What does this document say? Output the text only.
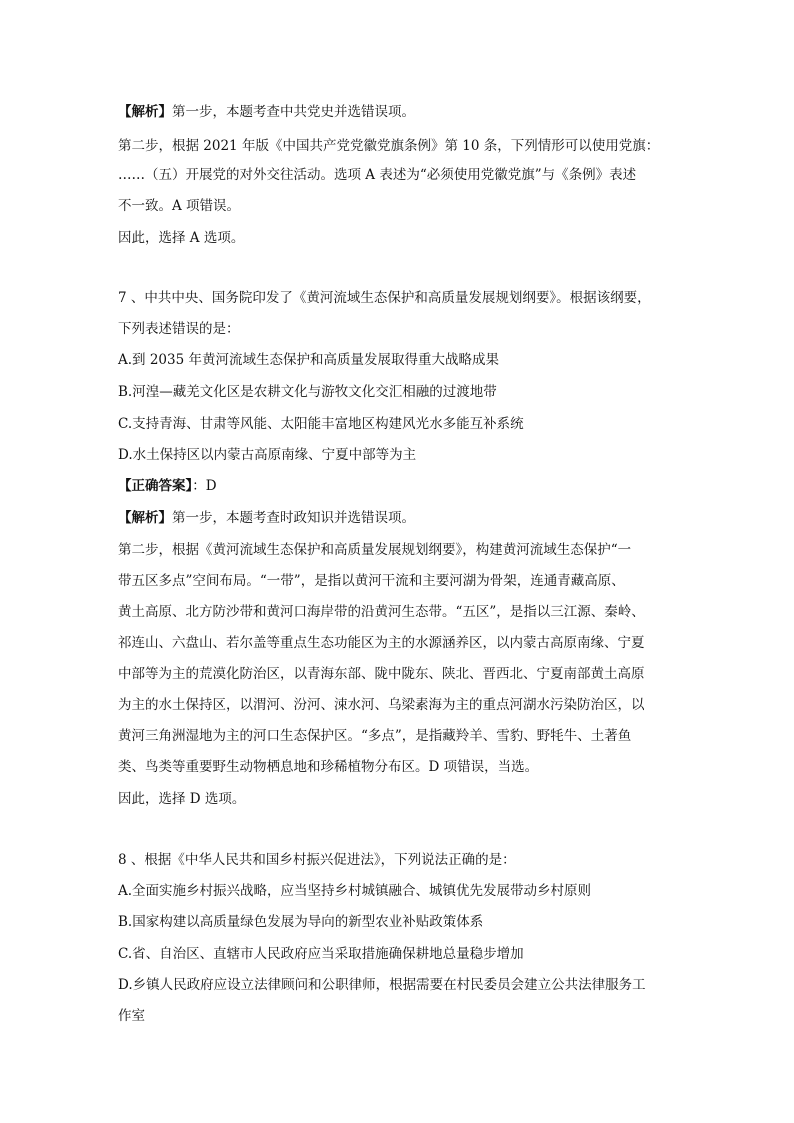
【解析】第一步，本题考查中共党史并选错误项。
第二步，根据 2021 年版《中国共产党党徽党旗条例》第 10 条，下列情形可以使用党旗：
……（五）开展党的对外交往活动。选项 A 表述为“必须使用党徽党旗”与《条例》表述
不一致。A 项错误。
因此，选择 A 选项。
7 、中共中央、国务院印发了《黄河流域生态保护和高质量发展规划纲要》。根据该纲要，
下列表述错误的是：
A.到 2035 年黄河流域生态保护和高质量发展取得重大战略成果
B.河湟—藏羌文化区是农耕文化与游牧文化交汇相融的过渡地带
C.支持青海、甘肃等风能、太阳能丰富地区构建风光水多能互补系统
D.水土保持区以内蒙古高原南缘、宁夏中部等为主
【正确答案】：D
【解析】第一步，本题考查时政知识并选错误项。
第二步，根据《黄河流域生态保护和高质量发展规划纲要》，构建黄河流域生态保护“一
带五区多点”空间布局。“一带”，是指以黄河干流和主要河湖为骨架，连通青藏高原、
黄土高原、北方防沙带和黄河口海岸带的沿黄河生态带。“五区”，是指以三江源、秦岭、
祁连山、六盘山、若尔盖等重点生态功能区为主的水源涵养区，以内蒙古高原南缘、宁夏
中部等为主的荒漠化防治区，以青海东部、陇中陇东、陕北、晋西北、宁夏南部黄土高原
为主的水土保持区，以渭河、汾河、涑水河、乌梁素海为主的重点河湖水污染防治区，以
黄河三角洲湿地为主的河口生态保护区。“多点”，是指藏羚羊、雪豹、野牦牛、土著鱼
类、鸟类等重要野生动物栖息地和珍稀植物分布区。D 项错误，当选。
因此，选择 D 选项。
8 、根据《中华人民共和国乡村振兴促进法》，下列说法正确的是：
A.全面实施乡村振兴战略，应当坚持乡村城镇融合、城镇优先发展带动乡村原则
B.国家构建以高质量绿色发展为导向的新型农业补贴政策体系
C.省、自治区、直辖市人民政府应当采取措施确保耕地总量稳步增加
D.乡镇人民政府应设立法律顾问和公职律师，根据需要在村民委员会建立公共法律服务工
作室
